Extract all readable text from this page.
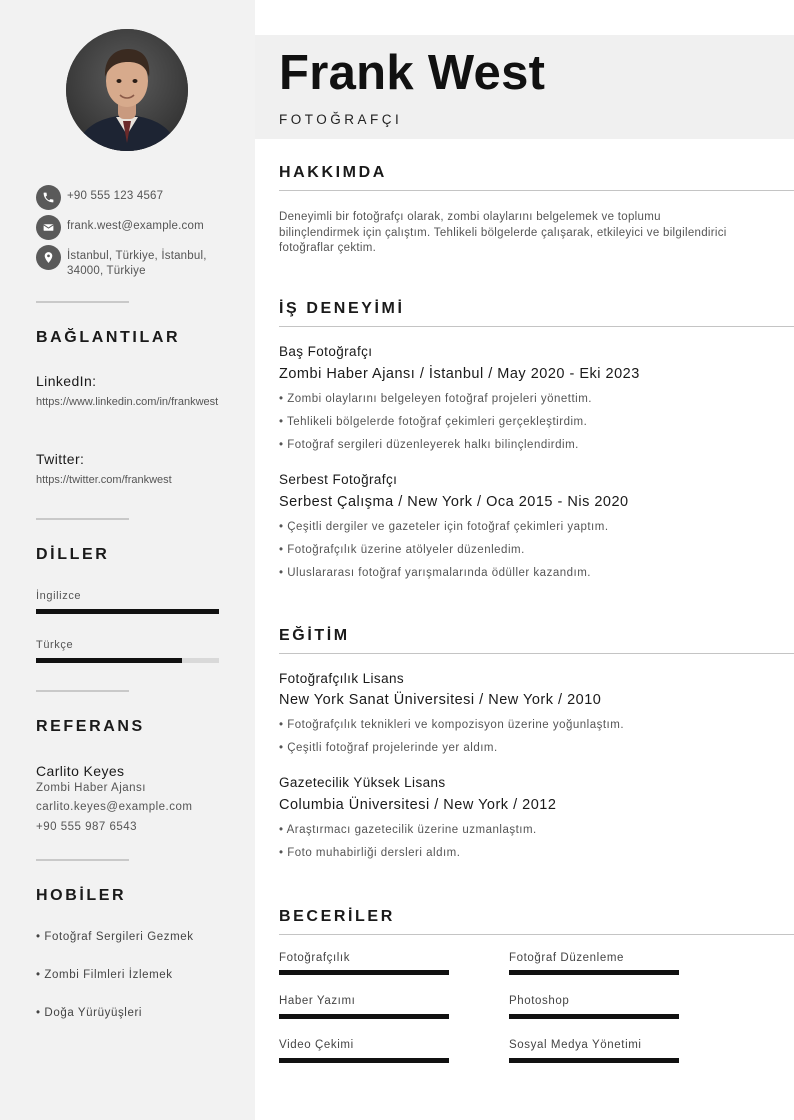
+90 555 123 4567
frank.west@example.com
İstanbul, Türkiye, İstanbul, 34000, Türkiye
BAĞLANTILAR
LinkedIn:
https://www.linkedin.com/in/frankwest
Twitter:
https://twitter.com/frankwest
DİLLER
İngilizce
Türkçe
REFERANS
Carlito Keyes
Zombi Haber Ajansı
carlito.keyes@example.com
+90 555 987 6543
HOBİLER
• Fotoğraf Sergileri Gezmek
• Zombi Filmleri İzlemek
• Doğa Yürüyüşleri
Frank West
FOTOĞRAFÇI
HAKKIMDA
Deneyimli bir fotoğrafçı olarak, zombi olaylarını belgelemek ve toplumu bilinçlendirmek için çalıştım. Tehlikeli bölgelerde çalışarak, etkileyici ve bilgilendirici fotoğraflar çektim.
İŞ DENEYİMİ
Baş Fotoğrafçı
Zombi Haber Ajansı / İstanbul / May 2020 - Eki 2023
• Zombi olaylarını belgeleyen fotoğraf projeleri yönettim.
• Tehlikeli bölgelerde fotoğraf çekimleri gerçekleştirdim.
• Fotoğraf sergileri düzenleyerek halkı bilinçlendirdim.
Serbest Fotoğrafçı
Serbest Çalışma / New York / Oca 2015 - Nis 2020
• Çeşitli dergiler ve gazeteler için fotoğraf çekimleri yaptım.
• Fotoğrafçılık üzerine atölyeler düzenledim.
• Uluslararası fotoğraf yarışmalarında ödüller kazandım.
EĞİTİM
Fotoğrafçılık Lisans
New York Sanat Üniversitesi / New York / 2010
• Fotoğrafçılık teknikleri ve kompozisyon üzerine yoğunlaştım.
• Çeşitli fotoğraf projelerinde yer aldım.
Gazetecilik Yüksek Lisans
Columbia Üniversitesi / New York / 2012
• Araştırmacı gazetecilik üzerine uzmanlaştım.
• Foto muhabirliği dersleri aldım.
BECERİLER
Fotoğrafçılık	Fotoğraf Düzenleme
Haber Yazımı	Photoshop
Video Çekimi	Sosyal Medya Yönetimi
